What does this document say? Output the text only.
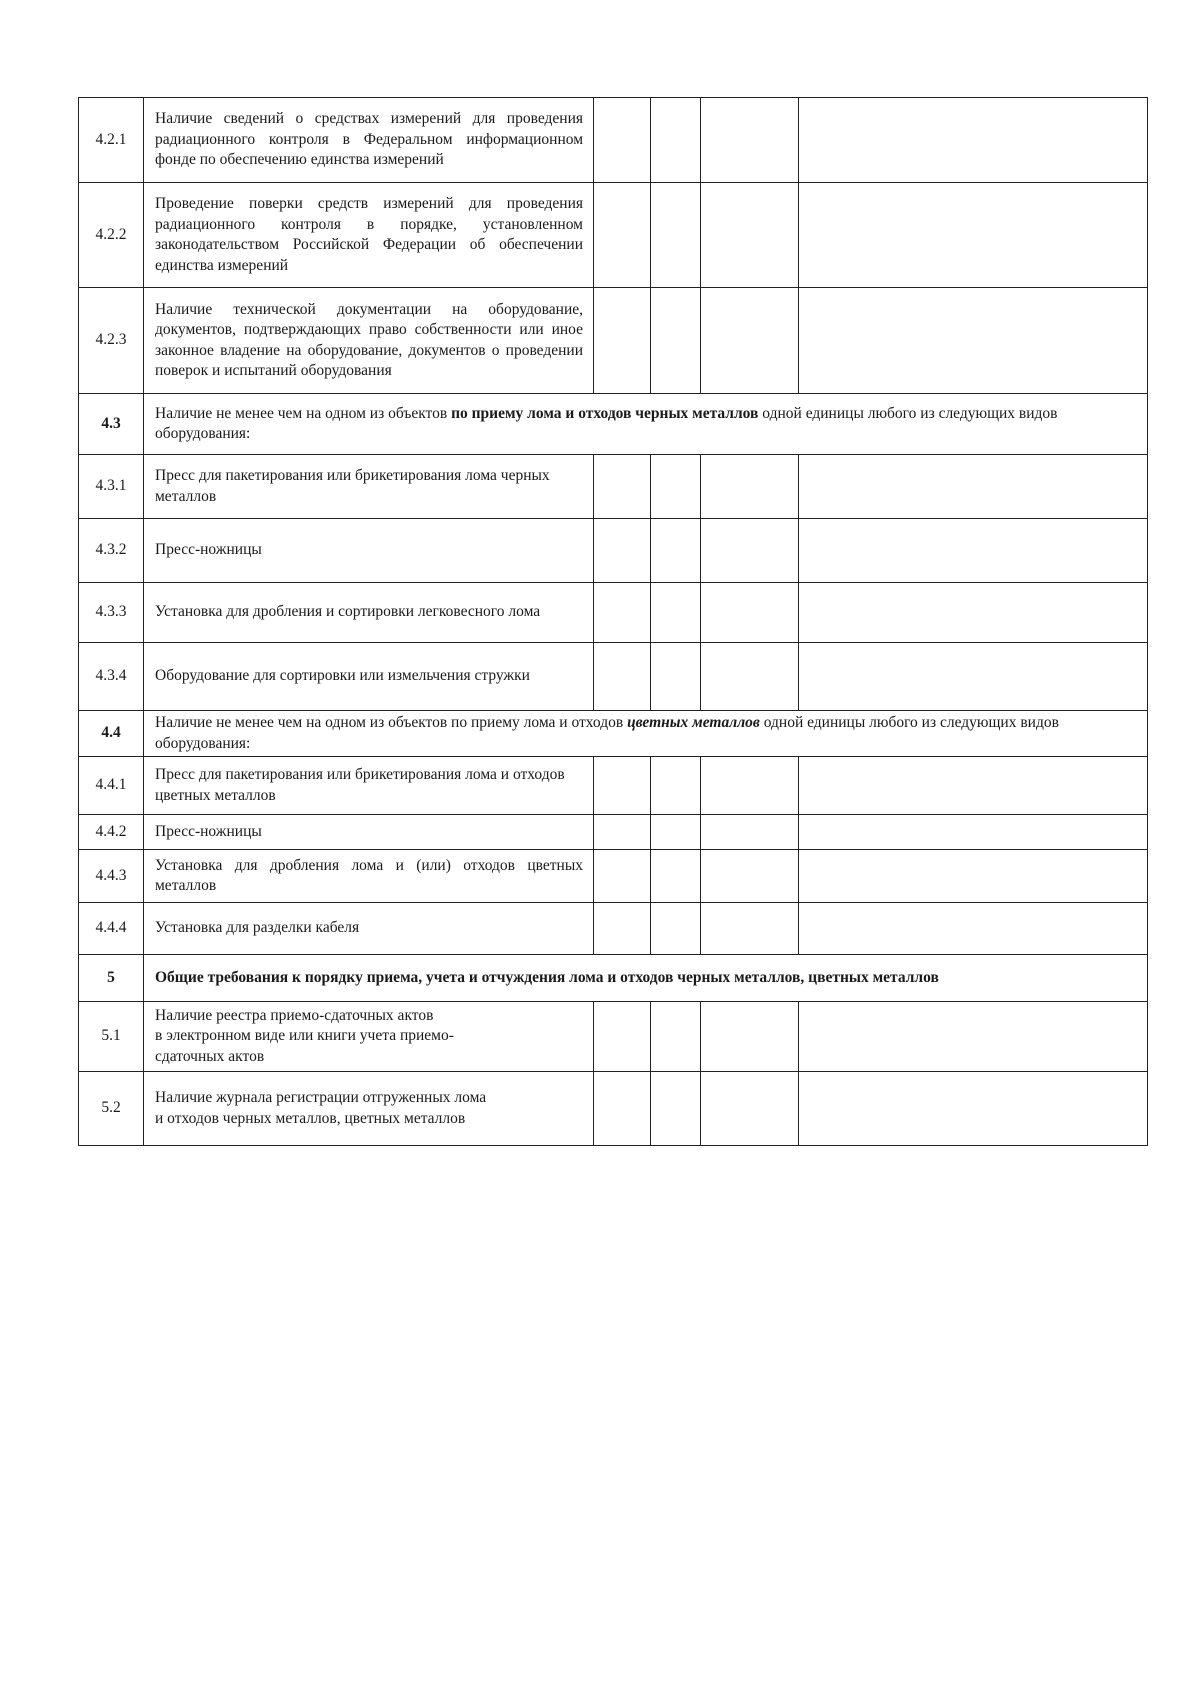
4.2.1	Наличие сведений о средствах измерений для проведения радиационного контроля в Федеральном информационном фонде по обеспечению единства измерений				
4.2.2	Проведение поверки средств измерений для проведения радиационного контроля в порядке, установленном законодательством Российской Федерации об обеспечении единства измерений				
4.2.3	Наличие технической документации на оборудование, документов, подтверждающих право собственности или иное законное владение на оборудование, документов о проведении поверок и испытаний оборудования				
4.3	Наличие не менее чем на одном из объектов по приему лома и отходов черных металлов одной единицы любого из следующих видов оборудования:				
4.3.1	Пресс для пакетирования или брикетирования лома черных металлов				

4.3.2	Пресс-ножницы				
4.3.3	Установка для дробления и сортировки легковесного лома				

4.3.4	Оборудование для сортировки или измельчения стружки				

4.4	Наличие не менее чем на одном из объектов по приему лома и отходов цветных металлов одной единицы любого из следующих видов оборудования:				
4.4.1	Пресс для пакетирования или брикетирования лома и отходов цветных металлов				

4.4.2	Пресс-ножницы				
4.4.3	Установка для дробления лома и (или) отходов цветных металлов				
4.4.4	Установка для разделки кабеля				
5	Общие требования к порядку приема, учета и отчуждения лома и отходов черных металлов, цветных металлов				
5.1	Наличие реестра приемо-сдаточных актов
в электронном виде или книги учета приемо-
сдаточных актов				

5.2	Наличие журнала регистрации отгруженных лома
и отходов черных металлов, цветных металлов				
